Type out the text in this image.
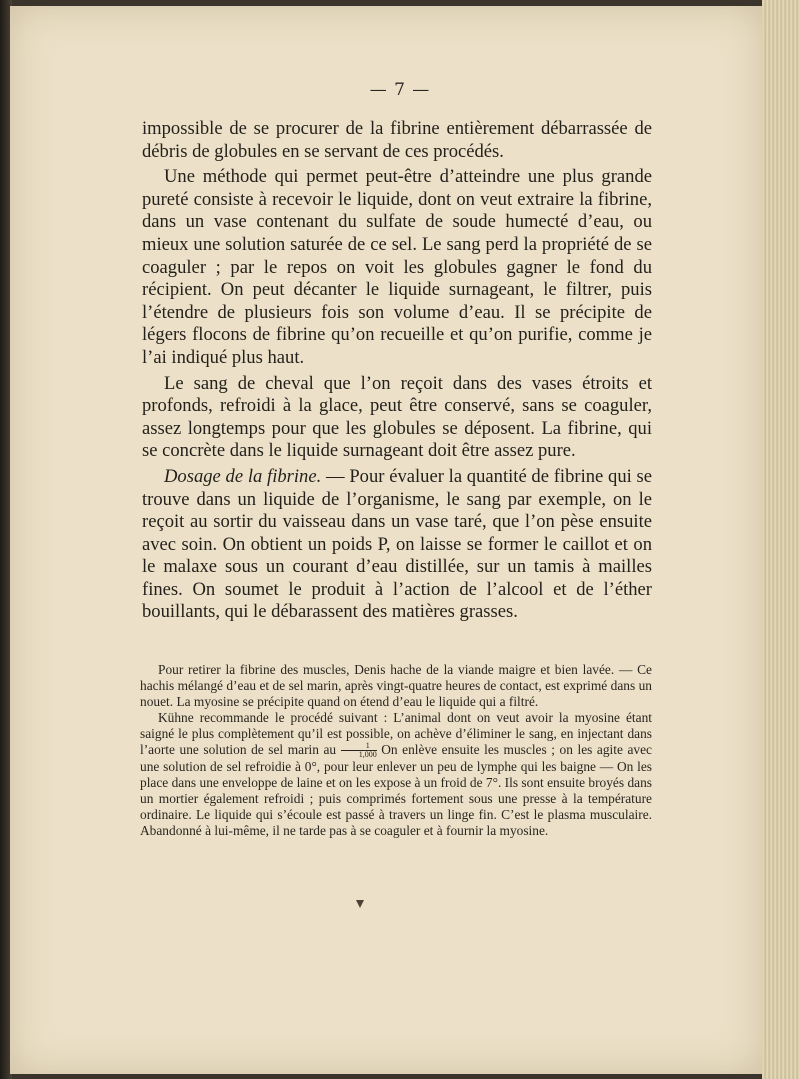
— 7 —

impossible de se procurer de la fibrine entièrement débarrassée de débris de globules en se servant de ces procédés.

Une méthode qui permet peut-être d’atteindre une plus grande pureté consiste à recevoir le liquide, dont on veut extraire la fibrine, dans un vase contenant du sulfate de soude humecté d’eau, ou mieux une solution saturée de ce sel. Le sang perd la propriété de se coaguler ; par le repos on voit les globules gagner le fond du récipient. On peut décanter le liquide surnageant, le filtrer, puis l’étendre de plusieurs fois son volume d’eau. Il se précipite de légers flocons de fibrine qu’on recueille et qu’on purifie, comme je l’ai indiqué plus haut.

Le sang de cheval que l’on reçoit dans des vases étroits et profonds, refroidi à la glace, peut être conservé, sans se coaguler, assez longtemps pour que les globules se déposent. La fibrine, qui se concrète dans le liquide surnageant doit être assez pure.

Dosage de la fibrine. — Pour évaluer la quantité de fibrine qui se trouve dans un liquide de l’organisme, le sang par exemple, on le reçoit au sortir du vaisseau dans un vase taré, que l’on pèse ensuite avec soin. On obtient un poids P, on laisse se former le caillot et on le malaxe sous un courant d’eau distillée, sur un tamis à mailles fines. On soumet le produit à l’action de l’alcool et de l’éther bouillants, qui le débarassent des matières grasses.

Pour retirer la fibrine des muscles, Denis hache de la viande maigre et bien lavée. — Ce hachis mélangé d’eau et de sel marin, après vingt-quatre heures de contact, est exprimé dans un nouet. La myosine se précipite quand on étend d’eau le liquide qui a filtré.

Kühne recommande le procédé suivant : L’animal dont on veut avoir la myosine étant saigné le plus complètement qu’il est possible, on achève d’éliminer le sang, en injectant dans l’aorte une solution de sel marin au $\frac{1}{1,000}$ On enlève ensuite les muscles ; on les agite avec une solution de sel refroidie à 0°, pour leur enlever un peu de lymphe qui les baigne — On les place dans une enveloppe de laine et on les expose à un froid de 7°. Ils sont ensuite broyés dans un mortier également refroidi ; puis comprimés fortement sous une presse à la température ordinaire. Le liquide qui s’écoule est passé à travers un linge fin. C’est le plasma musculaire. Abandonné à lui-même, il ne tarde pas à se coaguler et à fournir la myosine.
